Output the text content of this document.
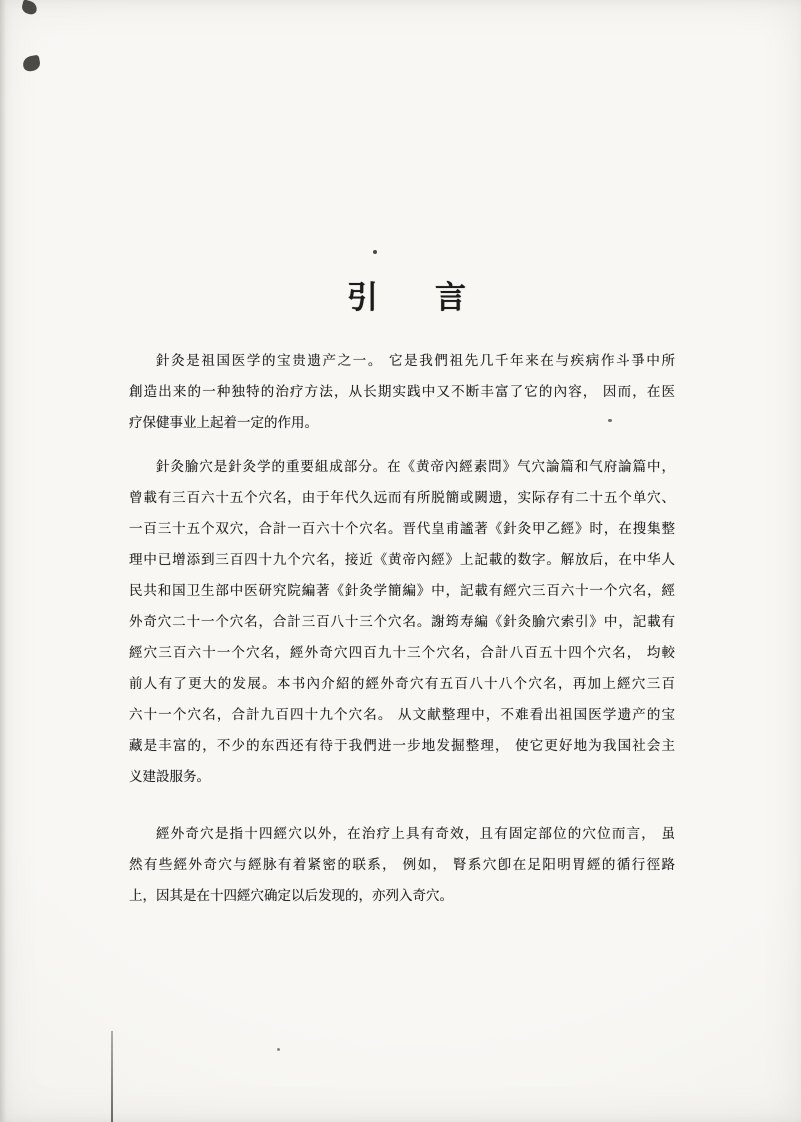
引 言
針灸是祖国医学的宝贵遗产之一。 它是我們祖先几千年来在与疾病作斗爭中所
創造出来的一种独特的治疗方法，从长期实践中又不断丰富了它的內容， 因而，在医
疗保健事业上起着一定的作用。
針灸腧穴是針灸学的重要組成部分。在《黄帝內經素問》气穴論篇和气府論篇中，
曾載有三百六十五个穴名，由于年代久远而有所脱簡或闕遗，实际存有二十五个单穴、
一百三十五个双穴，合計一百六十个穴名。晋代皇甫謐著《針灸甲乙經》时，在搜集整
理中已增添到三百四十九个穴名，接近《黄帝內經》上記載的数字。解放后，在中华人
民共和国卫生部中医研究院編著《針灸学簡編》中，記載有經穴三百六十一个穴名，經
外奇穴二十一个穴名，合計三百八十三个穴名。謝筠寿編《針灸腧穴索引》中，記載有
經穴三百六十一个穴名，經外奇穴四百九十三个穴名，合計八百五十四个穴名， 均較
前人有了更大的发展。本书內介紹的經外奇穴有五百八十八个穴名，再加上經穴三百
六十一个穴名，合計九百四十九个穴名。 从文献整理中，不难看出祖国医学遗产的宝
藏是丰富的，不少的东西还有待于我們进一步地发掘整理， 使它更好地为我国社会主
义建設服务。
經外奇穴是指十四經穴以外，在治疗上具有奇效，且有固定部位的穴位而言， 虽
然有些經外奇穴与經脉有着紧密的联系， 例如， 腎系穴卽在足阳明胃經的循行徑路
上，因其是在十四經穴确定以后发现的，亦列入奇穴。
